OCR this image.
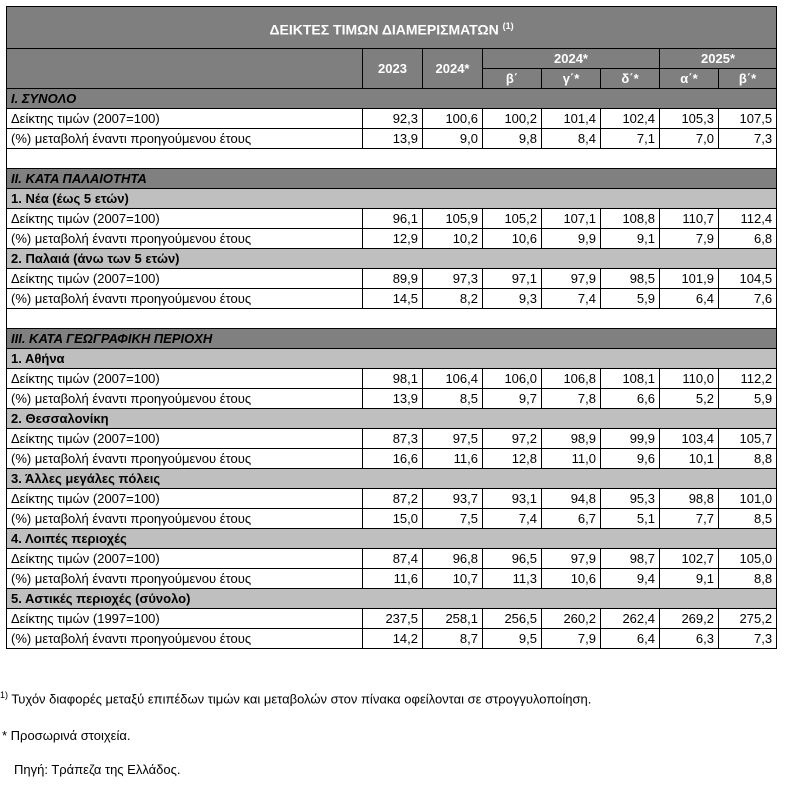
ΔΕΙΚΤΕΣ ΤΙΜΩΝ ΔΙΑΜΕΡΙΣΜΑΤΩΝ $^{(1)}$
	2023	2024*	2024*			2025*	
			β΄	γ΄*	δ΄*	α΄*	β΄*
I. ΣΥΝΟΛΟ							
Δείκτης τιμών (2007=100)	92,3	100,6	100,2	101,4	102,4	105,3	107,5
(%) μεταβολή έναντι προηγούμενου έτους	13,9	9,0	9,8	8,4	7,1	7,0	7,3

II. ΚΑΤΑ ΠΑΛΑΙΟΤΗΤΑ							
1. Νέα (έως 5 ετών)							
Δείκτης τιμών (2007=100)	96,1	105,9	105,2	107,1	108,8	110,7	112,4
(%) μεταβολή έναντι προηγούμενου έτους	12,9	10,2	10,6	9,9	9,1	7,9	6,8
2. Παλαιά (άνω των 5 ετών)							
Δείκτης τιμών (2007=100)	89,9	97,3	97,1	97,9	98,5	101,9	104,5
(%) μεταβολή έναντι προηγούμενου έτους	14,5	8,2	9,3	7,4	5,9	6,4	7,6

III. ΚΑΤΑ ΓΕΩΓΡΑΦΙΚΗ ΠΕΡΙΟΧΗ							
1. Αθήνα							
Δείκτης τιμών (2007=100)	98,1	106,4	106,0	106,8	108,1	110,0	112,2
(%) μεταβολή έναντι προηγούμενου έτους	13,9	8,5	9,7	7,8	6,6	5,2	5,9
2. Θεσσαλονίκη							
Δείκτης τιμών (2007=100)	87,3	97,5	97,2	98,9	99,9	103,4	105,7
(%) μεταβολή έναντι προηγούμενου έτους	16,6	11,6	12,8	11,0	9,6	10,1	8,8
3. Άλλες μεγάλες πόλεις							
Δείκτης τιμών (2007=100)	87,2	93,7	93,1	94,8	95,3	98,8	101,0
(%) μεταβολή έναντι προηγούμενου έτους	15,0	7,5	7,4	6,7	5,1	7,7	8,5
4. Λοιπές περιοχές							
Δείκτης τιμών (2007=100)	87,4	96,8	96,5	97,9	98,7	102,7	105,0
(%) μεταβολή έναντι προηγούμενου έτους	11,6	10,7	11,3	10,6	9,4	9,1	8,8
5. Αστικές περιοχές (σύνολο)							
Δείκτης τιμών (1997=100)	237,5	258,1	256,5	260,2	262,4	269,2	275,2
(%) μεταβολή έναντι προηγούμενου έτους	14,2	8,7	9,5	7,9	6,4	6,3	7,3
$^{1)}$ Τυχόν διαφορές μεταξύ επιπέδων τιμών και μεταβολών στον πίνακα οφείλονται σε στρογγυλοποίηση.
* Προσωρινά στοιχεία.
Πηγή: Τράπεζα της Ελλάδος.
